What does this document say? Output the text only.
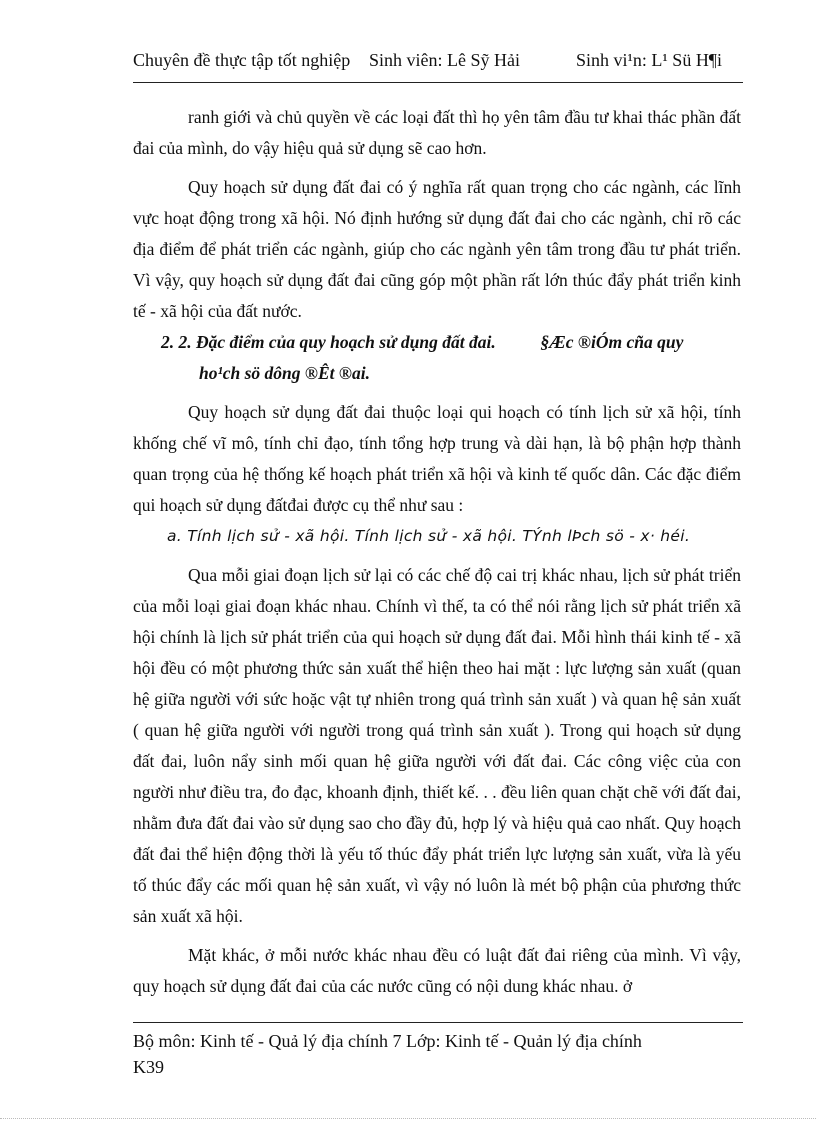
Chuyên đề thực tập tốt nghiệp Sinh viên: Lê Sỹ Hải	Sinh vi¹n: L¹ Sü H¶i

ranh giới và chủ quyền về các loại đất thì họ yên tâm đầu tư khai thác phần đất đai của mình, do vậy hiệu quả sử dụng sẽ cao hơn.

Quy hoạch sử dụng đất đai có ý nghĩa rất quan trọng cho các ngành, các lĩnh vực hoạt động trong xã hội. Nó định hướng sử dụng đất đai cho các ngành, chỉ rõ các địa điểm để phát triển các ngành, giúp cho các ngành yên tâm trong đầu tư phát triển. Vì vậy, quy hoạch sử dụng đất đai cũng góp một phần rất lớn thúc đẩy phát triển kinh tế - xã hội của đất nước.

2. 2. Đặc điểm của quy hoạch sử dụng đất đai.	§Æc ®iÓm cña quy
ho¹ch sö dông ®Êt ®ai.

Quy hoạch sử dụng đất đai thuộc loại qui hoạch có tính lịch sử xã hội, tính khống chế vĩ mô, tính chỉ đạo, tính tổng hợp trung và dài hạn, là bộ phận hợp thành quan trọng của hệ thống kế hoạch phát triển xã hội và kinh tế quốc dân. Các đặc điểm qui hoạch sử dụng đấtđai được cụ thể như sau :

a. Tính lịch sử - xã hội. Tính lịch sử - xã hội. TÝnh lÞch sö - x· héi.

Qua mỗi giai đoạn lịch sử lại có các chế độ cai trị khác nhau, lịch sử phát triển của mỗi loại giai đoạn khác nhau. Chính vì thế, ta có thể nói rằng lịch sử phát triển xã hội chính là lịch sử phát triển của qui hoạch sử dụng đất đai. Mỗi hình thái kinh tế - xã hội đều có một phương thức sản xuất thể hiện theo hai mặt : lực lượng sản xuất (quan hệ giữa người với sức hoặc vật tự nhiên trong quá trình sản xuất ) và quan hệ sản xuất ( quan hệ giữa người với người trong quá trình sản xuất ). Trong qui hoạch sử dụng đất đai, luôn nẩy sinh mối quan hệ giữa người với đất đai. Các công việc của con người như điều tra, đo đạc, khoanh định, thiết kế. . . đều liên quan chặt chẽ với đất đai, nhằm đưa đất đai vào sử dụng sao cho đầy đủ, hợp lý và hiệu quả cao nhất. Quy hoạch đất đai thể hiện động thời là yếu tố thúc đẩy phát triển lực lượng sản xuất, vừa là yếu tố thúc đẩy các mối quan hệ sản xuất, vì vậy nó luôn là mét bộ phận của phương thức sản xuất xã hội.

Mặt khác, ở mỗi nước khác nhau đều có luật đất đai riêng của mình. Vì vậy, quy hoạch sử dụng đất đai của các nước cũng có nội dung khác nhau. ở

Bộ môn: Kinh tế - Quả lý địa chính 7 Lớp: Kinh tế - Quản lý địa chính
K39
